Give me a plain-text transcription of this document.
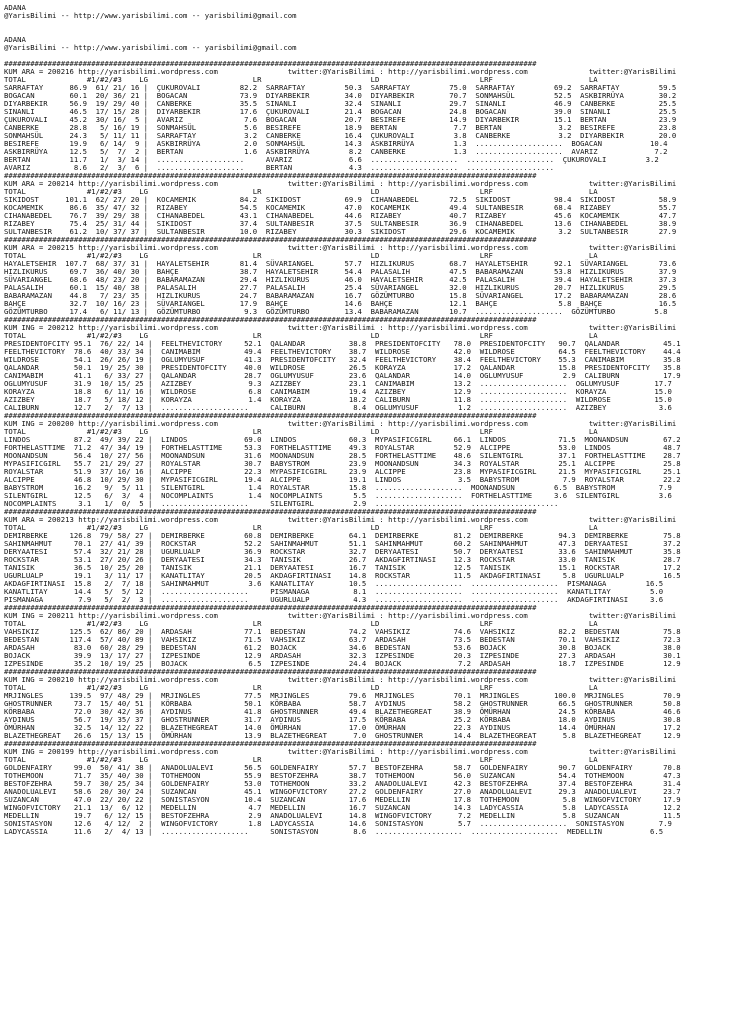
ADANA
@YarisBilimi -- http://www.yarisbilimi.com -- yarisbilimi@gmail.com
ADANA
@YarisBilimi -- http://www.yarisbilimi.com -- yarisbilimi@gmail.com
##########################################################################################################################
KUM ARA = 200216 http://yarisbilimi.wordpress.com                twitter:@YarisBilimi : http://yarisbilimi.wordpress.com              twitter:@YarisBilimi
TOTAL              #1/#2/#3    LG                        LR                         LD                       LRF                      LA
SARRAFTAY      86.9  61/ 21/ 16 |  ÇUKUROVALI         82.2  SARRAFTAY         50.3  SARRAFTAY         75.0  SARRAFTAY         69.2  SARRAFTAY         59.5
BOGACAN        60.1  20/ 36/ 21 |  BOGACAN            73.9  DIYARBEKIR        34.0  DIYARBEKIR        70.7  SONMAHSÜL         52.5  ASKBIRRÜYA        30.2
DIYARBEKIR     56.9  19/ 29/ 40 |  CANBERKE           35.5  SINANLI           32.4  SINANLI           29.7  SINANLI           46.9  CANBERKE          25.5
SINANLI        46.5  17/ 15/ 28 |  DIYARBEKIR         17.6  ÇUKUROVALI        21.4  BOGACAN           24.8  BOGACAN           39.0  SINANLI           25.5
ÇUKUROVALI     45.2  30/ 16/  5 |  AVARIZ              7.6  BOGACAN           20.7  BESIREFE          14.9  DIYARBEKIR        15.1  BERTAN            23.9
CANBERKE       28.8   5/ 16/ 19 |  SONMAHSÜL           5.6  BESIREFE          18.9  BERTAN             7.7  BERTAN             3.2  BESIREFE          23.8
SONMAHSÜL      24.3   5/ 11/ 11 |  SARRAFTAY           3.2  CANBERKE          16.4  ÇUKUROVALI         3.8  CANBERKE           3.2  DIYARBEKIR        20.0
BESIREFE       19.9   6/ 14/  9 |  ASKBIRRÜYA          2.0  SONMAHSÜL         14.3  ASKBIRRÜYA         1.3  ....................  BOGACAN           10.4
ASKBIRRÜYA     12.5   5/  7/  2 |  BERTAN              1.6  ASKBIRRÜYA         8.2  CANBERKE           1.3  ....................  AVARIZ             7.2
BERTAN         11.7   1/  3/ 14 |  ....................     AVARIZ             6.6  ....................  ....................  ÇUKUROVALI         3.2
AVARIZ          8.6   2/  3/  6 |  ....................     BERTAN             4.3  ....................  ....................
##########################################################################################################################
KUM ARA = 200214 http://yarisbilimi.wordpress.com                twitter:@YarisBilimi : http://yarisbilimi.wordpress.com              twitter:@YarisBilimi
TOTAL              #1/#2/#3    LG                        LR                         LD                       LRF                      LA
SIKIDOST      101.1  62/ 27/ 20 |  KOCAMEMIK          84.2  SIKIDOST          69.9  CIHANABEDEL       72.5  SIKIDOST          98.4  SIKIDOST          58.9
KOCAMEMIK      86.6  35/ 47/ 32 |  RIZABEY            54.5  KOCAMEMIK         47.0  KOCAMEMIK         49.4  SULTANBESIR       68.4  RIZABEY           55.7
CIHANABEDEL    76.7  39/ 29/ 38 |  CIHANABEDEL        43.1  CIHANABEDEL       44.6  RIZABEY           40.7  RIZABEY           45.6  KOCAMEMIK         47.7
RIZABEY        75.4  25/ 31/ 44 |  SIKIDOST           37.4  SULTANBESIR       37.5  SULTANBESIR       36.9  CIHANABEDEL       13.6  CIHANABEDEL       38.9
SULTANBESIR    61.2  10/ 37/ 37 |  SULTANBESIR        10.0  RIZABEY           30.3  SIKIDOST          29.6  KOCAMEMIK          3.2  SULTANBESIR       27.9
##########################################################################################################################
KUM ARA = 200215 http://yarisbilimi.wordpress.com                twitter:@YarisBilimi : http://yarisbilimi.wordpress.com              twitter:@YarisBilimi
TOTAL              #1/#2/#3    LG                        LR                         LD                       LRF                      LA
HAYALETSEHIR  107.7  68/ 37/ 31 |  HAYALETSEHIR       81.4  SÜVARIANGEL       57.7  HIZLIKURUS        68.7  HAYALETSEHIR      92.1  SÜVARIANGEL       73.6
HIZLIKURUS     69.7  36/ 40/ 30 |  BAHÇE              38.7  HAYALETSEHIR      54.4  PALASALIH         47.5  BABARAMAZAN       53.8  HIZLIKURUS        37.9
SÜVARIANGEL    68.6  48/ 23/ 20 |  BABARAMAZAN        29.4  HIZLIKURUS        46.0  HAYALETSEHIR      42.5  PALASALIH         39.4  HAYALETSEHIR      37.3
PALASALIH      60.1  15/ 40/ 38 |  PALASALIH          27.7  PALASALIH         25.4  SÜVARIANGEL       32.0  HIZLIKURUS        20.7  HIZLIKURUS        29.5
BABARAMAZAN    44.8   7/ 23/ 35 |  HIZLIKURUS         24.7  BABARAMAZAN       16.7  GÖZÜMTURBO        15.8  SÜVARIANGEL       17.2  BABARAMAZAN       28.6
BAHÇE          32.7  10/ 16/ 23 |  SÜVARIANGEL        17.9  BAHÇE             14.6  BAHÇE             12.1  BAHÇE              5.8  BAHÇE             16.5
GÖZÜMTURBO     17.4   6/ 11/ 13 |  GÖZÜMTURBO          9.3  GÖZÜMTURBO        13.4  BABARAMAZAN       10.7  ....................  GÖZÜMTURBO         5.8
##########################################################################################################################
KUM ING = 200212 http://yarisbilimi.wordpress.com                twitter:@YarisBilimi : http://yarisbilimi.wordpress.com              twitter:@YarisBilimi
TOTAL              #1/#2/#3    LG                        LR                         LD                       LRF                      LA
PRESIDENTOFCITY 95.1  76/ 22/ 14 |  FEELTHEVICTORY     52.1  QALANDAR          38.8  PRESIDENTOFCITY   78.0  PRESIDENTOFCITY   90.7  QALANDAR          45.1
FEELTHEVICTORY  78.6  40/ 33/ 34 |  CANIMABIM          49.4  FEELTHEVICTORY    38.7  WILDROSE          42.0  WILDROSE          64.5  FEELTHEVICTORY    44.4
WILDROSE        54.1  26/ 26/ 19 |  OGLUMYUSUF         41.3  PRESIDENTOFCITY   32.4  FEELTHEVICTORY    38.4  FEELTHEVICTORY    55.3  CANIMABIM         35.8
QALANDAR        50.1  19/ 25/ 30 |  PRESIDENTOFCITY    40.0  WILDROSE          26.5  KORAYZA           17.2  QALANDAR          15.8  PRESIDENTOFCITY   35.8
CANIMABIM       41.1   6/ 33/ 27 |  QALANDAR           28.7  OGLUMYUSUF        23.6  QALANDAR          14.0  OGLUMYUSUF         2.9  CALIBURN          17.9
OGLUMYUSUF      31.9  10/ 15/ 25 |  AZIZBEY             9.3  AZIZBEY           23.1  CANIMABIM         13.2  ....................  OGLUMYUSUF        17.7
KORAYZA         18.8   6/ 11/ 16 |  WILDROSE            6.8  CANIMABIM         19.4  AZIZBEY           12.9  ....................  KORAYZA           15.0
AZIZBEY         18.7   5/ 18/ 12 |  KORAYZA             1.4  KORAYZA           18.2  CALIBURN          11.8  ....................  WILDROSE          15.0
CALIBURN        12.7   2/  7/ 13 |  ....................     CALIBURN           8.4  OGLUMYUSUF         1.2  ....................  AZIZBEY            3.6
##########################################################################################################################
KUM ING = 200200 http://yarisbilimi.wordpress.com                twitter:@YarisBilimi : http://yarisbilimi.wordpress.com              twitter:@YarisBilimi
TOTAL              #1/#2/#3    LG                        LR                         LD                       LRF                      LA
LINDOS          87.2  49/ 39/ 22 |  LINDOS             69.0  LINDOS            60.3  MYPASIFICGIRL     66.1  LINDOS            71.5  MOONANDSUN        67.2
FORTHELASTTIME  71.2  47/ 34/ 19 |  FORTHELASTTIME     53.3  FORTHELASTTIME    49.3  ROYALSTAR         52.9  ALCIPPE           53.0  LINDOS            48.7
MOONANDSUN      56.4  10/ 27/ 56 |  MOONANDSUN         31.6  MOONANDSUN        28.5  FORTHELASTTIME    48.6  SILENTGIRL        37.1  FORTHELASTTIME    28.7
MYPASIFICGIRL   55.7  21/ 29/ 27 |  ROYALSTAR          30.7  BABYSTROM         23.9  MOONANDSUN        34.3  ROYALSTAR         25.1  ALCIPPE           25.8
ROYALSTAR       51.9  37/ 16/ 16 |  ALCIPPE            22.3  MYPASIFICGIRL     23.9  ALCIPPE           23.8  MYPASIFICGIRL     21.5  MYPASIFICGIRL     25.1
ALCIPPE         46.8  10/ 29/ 30 |  MYPASIFICGIRL      19.4  ALCIPPE           19.1  LINDOS             3.5  BABYSTROM          7.9  ROYALSTAR         22.2
BABYSTROM       16.2   9/  5/ 11 |  SILENTGIRL          1.4  ROYALSTAR         15.8  ....................  MOONANDSUN         6.5  BABYSTROM          7.9
SILENTGIRL      12.5   6/  3/  4 |  NOCOMPLAINTS        1.4  NOCOMPLAINTS       5.5  ....................  FORTHELASTTIME     3.6  SILENTGIRL         3.6
NOCOMPLAINTS     3.1   1/  0/  5 |  ....................     SILENTGIRL         2.9  ....................  ....................
##########################################################################################################################
KUM ARA = 200213 http://yarisbilimi.wordpress.com                twitter:@YarisBilimi : http://yarisbilimi.wordpress.com              twitter:@YarisBilimi
TOTAL              #1/#2/#3    LG                        LR                         LD                       LRF                      LA
DEMIRBERKE     126.8  79/ 58/ 27 |  DEMIRBERKE         60.8  DEMIRBERKE        64.1  DEMIRBERKE        81.2  DEMIRBERKE        94.3  DEMIRBERKE        75.8
SAHINMAHMUT     70.1  27/ 41/ 39 |  ROCKSTAR           52.2  SAHINMAHMUT       51.1  SAHINMAHMUT       60.2  SAHINMAHMUT       47.3  DERYAATESI        37.2
DERYAATESI      57.4  32/ 21/ 28 |  UGURLUALP          36.9  ROCKSTAR          32.7  DERYAATESI        50.7  DERYAATESI        33.6  SAHINMAHMUT       35.8
ROCKSTAR        53.1  27/ 20/ 26 |  DERYAATESI         34.3  TANISIK           26.7  AKDAGFIRTINASI    12.3  ROCKSTAR          33.0  TANISIK           28.7
TANISIK         36.5  10/ 25/ 20 |  TANISIK            21.1  DERYAATESI        16.7  TANISIK           12.5  TANISIK           15.1  ROCKSTAR          17.2
UGURLUALP       19.1   3/ 11/ 17 |  KANATLITAY         20.5  AKDAGFIRTINASI    14.8  ROCKSTAR          11.5  AKDAGFIRTINASI     5.8  UGURLUALP         16.5
AKDAGFIRTINASI  15.8   2/  7/ 18 |  SAHINMAHMUT         3.6  KANATLITAY        10.5  ....................  ....................  PISMANAGA         16.5
KANATLITAY      14.4   5/  5/ 12 |  ....................     PISMANAGA          8.1  ....................  ....................  KANATLITAY         5.0
PISMANAGA        7.9   5/  2/  3 |  ....................     UGURLUALP          4.3  ....................  ....................  AKDAGFIRTINASI     3.6
##########################################################################################################################
KUM ING = 200211 http://yarisbilimi.wordpress.com                twitter:@YarisBilimi : http://yarisbilimi.wordpress.com              twitter:@YarisBilimi
TOTAL              #1/#2/#3    LG                        LR                         LD                       LRF                      LA
VAHSIKIZ       125.5  62/ 86/ 20 |  ARDASAH            77.1  BEDESTAN          74.2  VAHSIKIZ          74.6  VAHSIKIZ          82.2  BEDESTAN          75.8
BEDESTAN       117.4  57/ 40/ 89 |  VAHSIKIZ           71.5  VAHSIKIZ          63.7  ARDASAH           73.5  BEDESTAN          70.1  VAHSIKIZ          72.3
ARDASAH         83.0  60/ 28/ 29 |  BEDESTAN           61.2  BOJACK            34.6  BEDESTAN          53.6  BOJACK            30.8  BOJACK            38.0
BOJACK          39.9  13/ 17/ 27 |  IZPESINDE          12.9  ARDASAH           32.3  IZPESINDE         20.3  IZPESINDE         27.3  ARDASAH           30.1
IZPESINDE       35.2  10/ 19/ 25 |  BOJACK              6.5  IZPESINDE         24.4  BOJACK             7.2  ARDASAH           18.7  IZPESINDE         12.9
##########################################################################################################################
KUM ING = 200210 http://yarisbilimi.wordpress.com                twitter:@YarisBilimi : http://yarisbilimi.wordpress.com              twitter:@YarisBilimi
TOTAL              #1/#2/#3    LG                        LR                         LD                       LRF                      LA
MRJINGLES      139.5  97/ 48/ 29 |  MRJINGLES          77.5  MRJINGLES         79.6  MRJINGLES         70.1  MRJINGLES        100.0  MRJINGLES         70.9
GHOSTRUNNER     73.7  15/ 40/ 51 |  KÖRBABA            50.1  KÖRBABA           58.7  AYDINUS           58.2  GHOSTRUNNER       66.5  GHOSTRUNNER       50.8
KÖRBABA         72.0  30/ 42/ 36 |  AYDINUS            41.8  GHOSTRUNNER       49.4  BLAZETHEGREAT     38.9  ÖMÜRHAN           24.5  KÖRBABA           46.6
AYDINUS         56.7  19/ 35/ 37 |  GHOSTRUNNER        31.7  AYDINUS           17.5  KÖRBABA           25.2  KÖRBABA           18.0  AYDINUS           30.8
ÖMÜRHAN         32.5  14/ 12/ 22 |  BLAZETHEGREAT      14.0  ÖMÜRHAN           17.0  ÖMÜRHAN           22.3  AYDINUS           14.4  ÖMÜRHAN           17.2
BLAZETHEGREAT   26.6  15/ 13/ 15 |  ÖMÜRHAN            13.9  BLAZETHEGREAT      7.0  GHOSTRUNNER       14.4  BLAZETHEGREAT      5.8  BLAZETHEGREAT     12.9
##########################################################################################################################
KUM ING = 200199 http://yarisbilimi.wordpress.com                twitter:@YarisBilimi : http://yarisbilimi.wordpress.com              twitter:@YarisBilimi
TOTAL              #1/#2/#3    LG                        LR                         LD                       LRF                      LA
GOLDENFAIRY     99.0  50/ 41/ 38 |  ANADOLUALEVI       56.5  GOLDENFAIRY       57.7  BESTOFZEHRA       58.7  GOLDENFAIRY       90.7  GOLDENFAIRY       70.8
TOTHEMOON       71.7  35/ 40/ 30 |  TOTHEMOON          55.9  BESTOFZEHRA       38.7  TOTHEMOON         56.0  SUZANCAN          54.4  TOTHEMOON         47.3
BESTOFZEHRA     59.7  30/ 25/ 34 |  GOLDENFAIRY        53.0  TOTHEMOON         33.2  ANADOLUALEVI      42.3  BESTOFZEHRA       37.4  BESTOFZEHRA       31.4
ANADOLUALEVI    58.6  20/ 30/ 24 |  SUZANCAN           45.1  WINGOFVICTORY     27.2  GOLDENFAIRY       27.0  ANADOLUALEVI      29.3  ANADOLUALEVI      23.7
SUZANCAN        47.0  22/ 20/ 22 |  SONISTASYON        10.4  SUZANCAN          17.6  MEDELLIN          17.8  TOTHEMOON          5.8  WINGOFVICTORY     17.9
WINGOFVICTORY   21.1  13/  6/ 12 |  MEDELLIN            4.7  MEDELLIN          16.7  SUZANCAN          14.3  LADYCASSIA         5.8  LADYCASSIA        12.2
MEDELLIN        19.7   6/ 12/ 15 |  BESTOFZEHRA         2.9  ANADOLUALEVI      14.8  WINGOFVICTORY      7.2  MEDELLIN           5.8  SUZANCAN          11.5
SONISTASYON     12.6   4/ 12/  2 |  WINGOFVICTORY       1.8  LADYCASSIA        14.6  SONISTASYON        5.7  ....................  SONISTASYON        7.9
LADYCASSIA      11.6   2/  4/ 13 |  ....................     SONISTASYON        8.6  ....................  ....................  MEDELLIN           6.5
